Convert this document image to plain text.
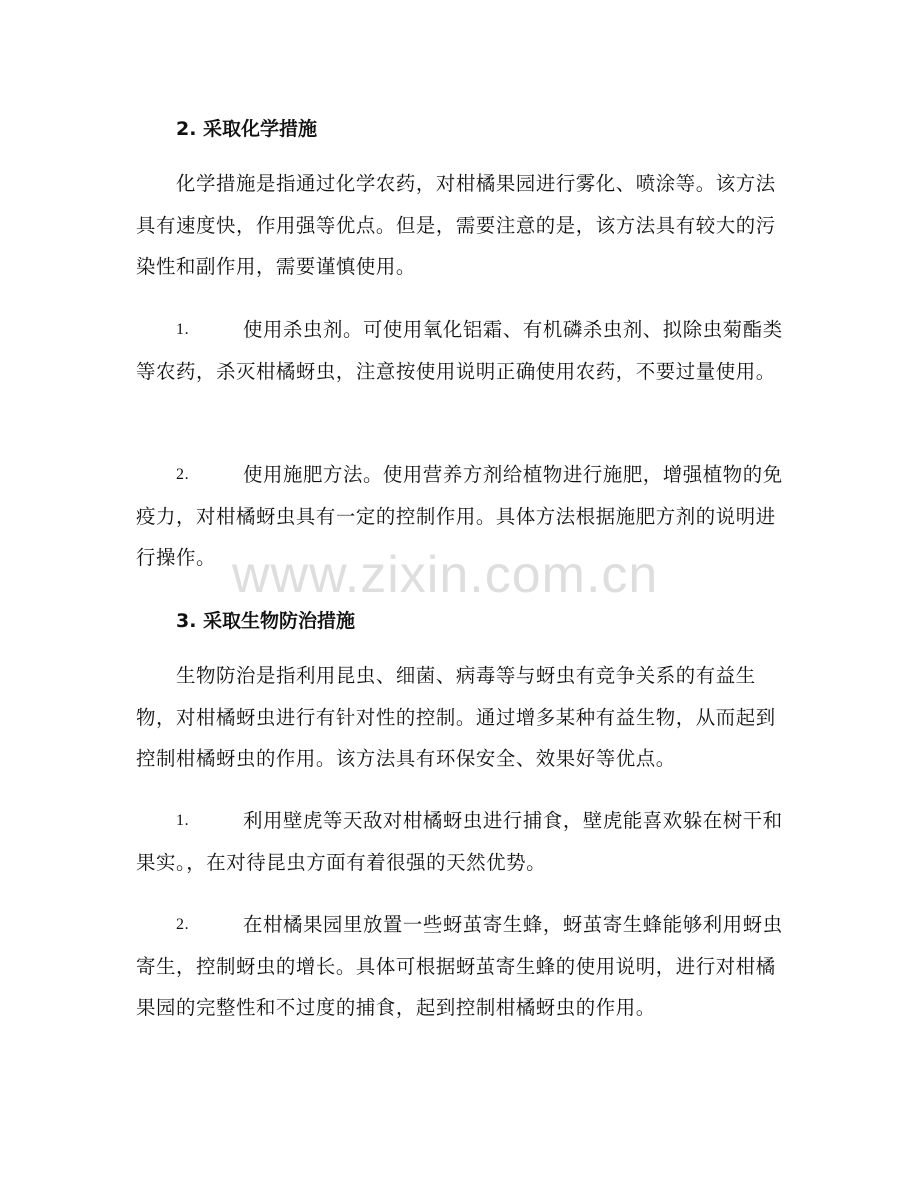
2. 采取化学措施

化学措施是指通过化学农药，对柑橘果园进行雾化、喷涂等。该方法具有速度快，作用强等优点。但是，需要注意的是，该方法具有较大的污染性和副作用，需要谨慎使用。

1.	使用杀虫剂。可使用氧化铝霜、有机磷杀虫剂、拟除虫菊酯类等农药，杀灭柑橘蚜虫，注意按使用说明正确使用农药，不要过量使用。
2.	使用施肥方法。使用营养方剂给植物进行施肥，增强植物的免疫力，对柑橘蚜虫具有一定的控制作用。具体方法根据施肥方剂的说明进行操作。
3. 采取生物防治措施

生物防治是指利用昆虫、细菌、病毒等与蚜虫有竞争关系的有益生物，对柑橘蚜虫进行有针对性的控制。通过增多某种有益生物，从而起到控制柑橘蚜虫的作用。该方法具有环保安全、效果好等优点。

1.	利用壁虎等天敌对柑橘蚜虫进行捕食，壁虎能喜欢躲在树干和果实。，在对待昆虫方面有着很强的天然优势。
2.	在柑橘果园里放置一些蚜茧寄生蜂，蚜茧寄生蜂能够利用蚜虫寄生，控制蚜虫的增长。具体可根据蚜茧寄生蜂的使用说明，进行对柑橘果园的完整性和不过度的捕食，起到控制柑橘蚜虫的作用。
www.zixin.com.cn
